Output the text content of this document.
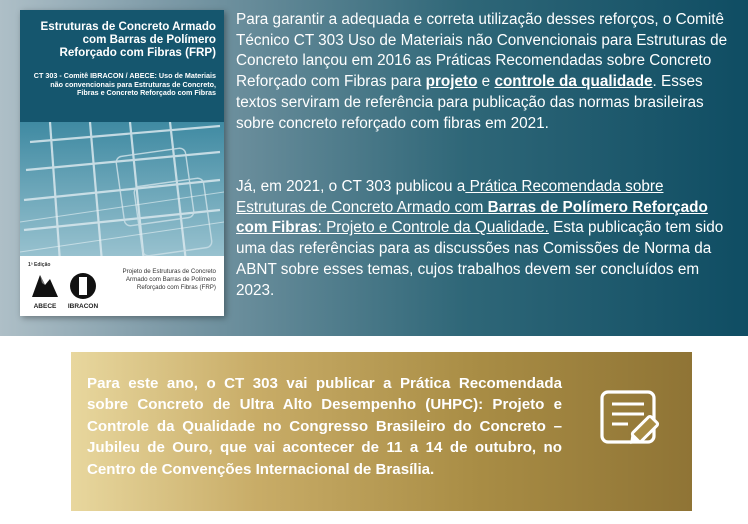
Estruturas de Concreto Armado com Barras de Polímero Reforçado com Fibras (FRP)
CT 303 - Comitê IBRACON / ABECE: Uso de Materiais não convencionais para Estruturas de Concreto, Fibras e Concreto Reforçado com Fibras
1ª Edição
ABECE	IBRACON
Projeto de Estruturas de Concreto Armado com Barras de Polímero Reforçado com Fibras (FRP)
Para garantir a adequada e correta utilização desses reforços, o Comitê Técnico CT 303 Uso de Materiais não Convencionais para Estruturas de Concreto lançou em 2016 as Práticas Recomendadas sobre Concreto Reforçado com Fibras para projeto e controle da qualidade. Esses textos serviram de referência para publicação das normas brasileiras sobre concreto reforçado com fibras em 2021.
Já, em 2021, o CT 303 publicou a Prática Recomendada sobre Estruturas de Concreto Armado com Barras de Polímero Reforçado com Fibras: Projeto e Controle da Qualidade. Esta publicação tem sido uma das referências para as discussões nas Comissões de Norma da ABNT sobre esses temas, cujos trabalhos devem ser concluídos em 2023.
Para este ano, o CT 303 vai publicar a Prática Recomendada sobre Concreto de Ultra Alto Desempenho (UHPC): Projeto e Controle da Qualidade no Congresso Brasileiro do Concreto – Jubileu de Ouro, que vai acontecer de 11 a 14 de outubro, no Centro de Convenções Internacional de Brasília.
